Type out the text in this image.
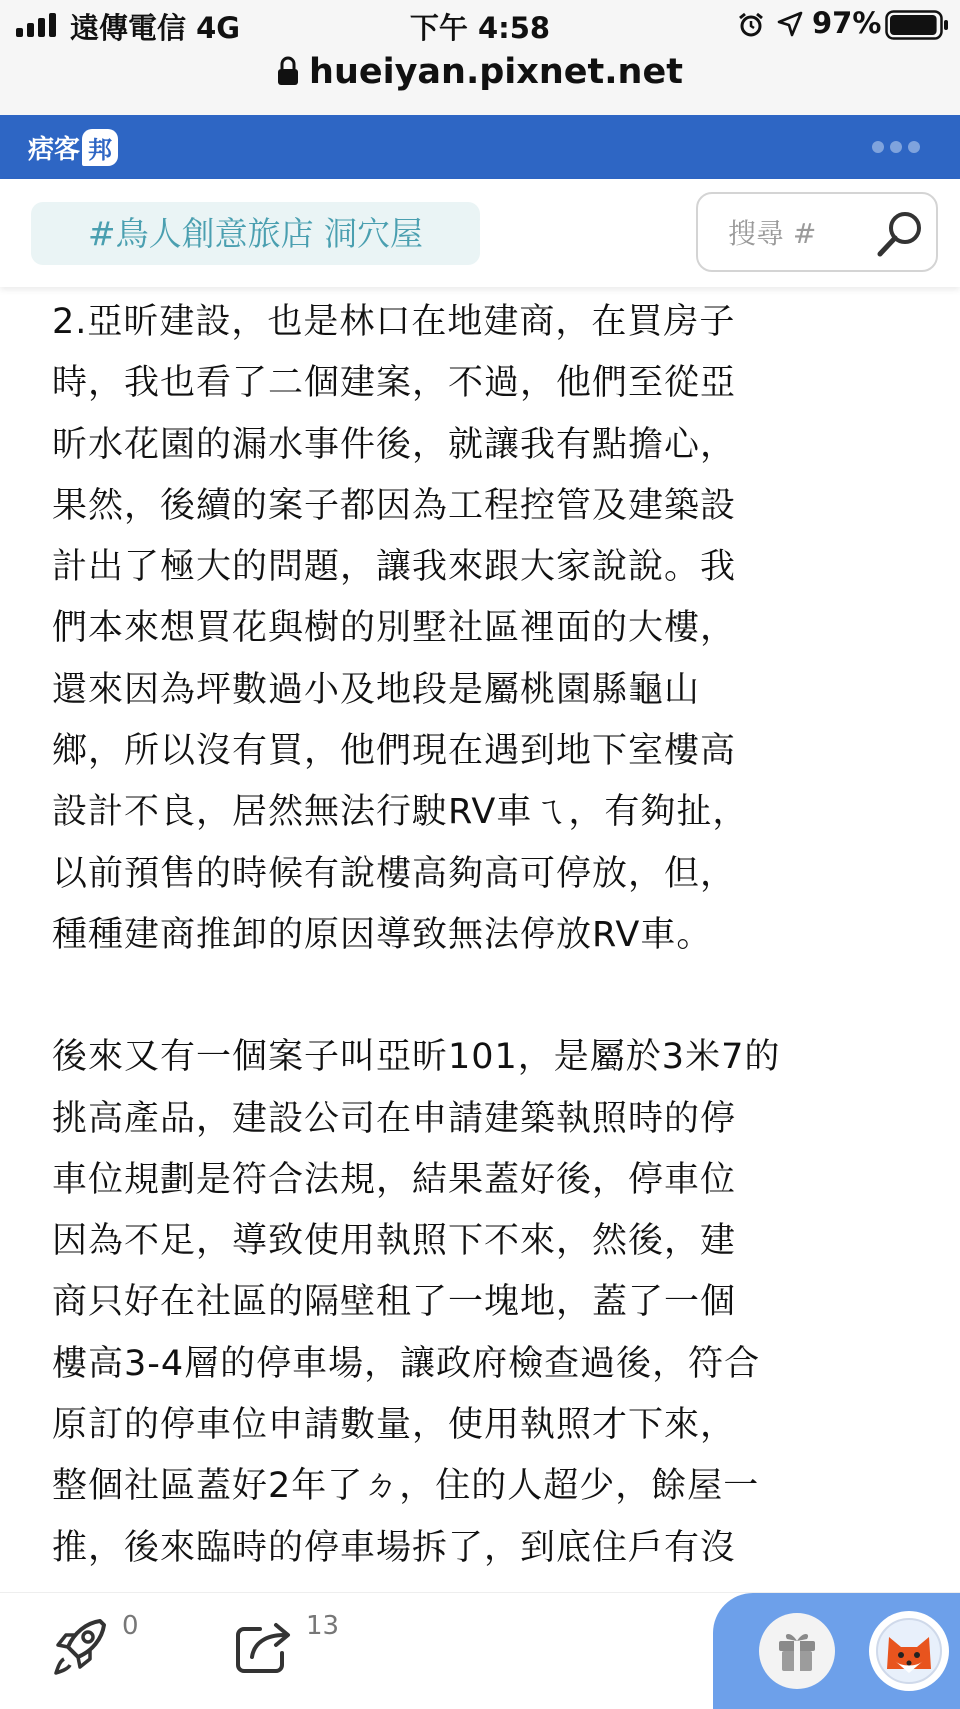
遠傳電信 4G	下午 4:58	97%
hueiyan.pixnet.net
痞客 邦
#鳥人創意旅店 洞穴屋
搜尋 #

2.亞昕建設，也是林口在地建商，在買房子

時，我也看了二個建案，不過，他們至從亞

昕水花園的漏水事件後，就讓我有點擔心，

果然，後續的案子都因為工程控管及建築設

計出了極大的問題，讓我來跟大家說說。我

們本來想買花與樹的別墅社區裡面的大樓，

還來因為坪數過小及地段是屬桃園縣龜山

鄉，所以沒有買，他們現在遇到地下室樓高

設計不良，居然無法行駛RV車ㄟ，有夠扯，

以前預售的時候有說樓高夠高可停放，但，

種種建商推卸的原因導致無法停放RV車。

後來又有一個案子叫亞昕101，是屬於3米7的

挑高產品，建設公司在申請建築執照時的停

車位規劃是符合法規，結果蓋好後，停車位

因為不足，導致使用執照下不來，然後，建

商只好在社區的隔壁租了一塊地，蓋了一個

樓高3-4層的停車場，讓政府檢查過後，符合

原訂的停車位申請數量，使用執照才下來，

整個社區蓋好2年了ㄉ，住的人超少，餘屋一

推，後來臨時的停車場拆了，到底住戶有沒

0	13
